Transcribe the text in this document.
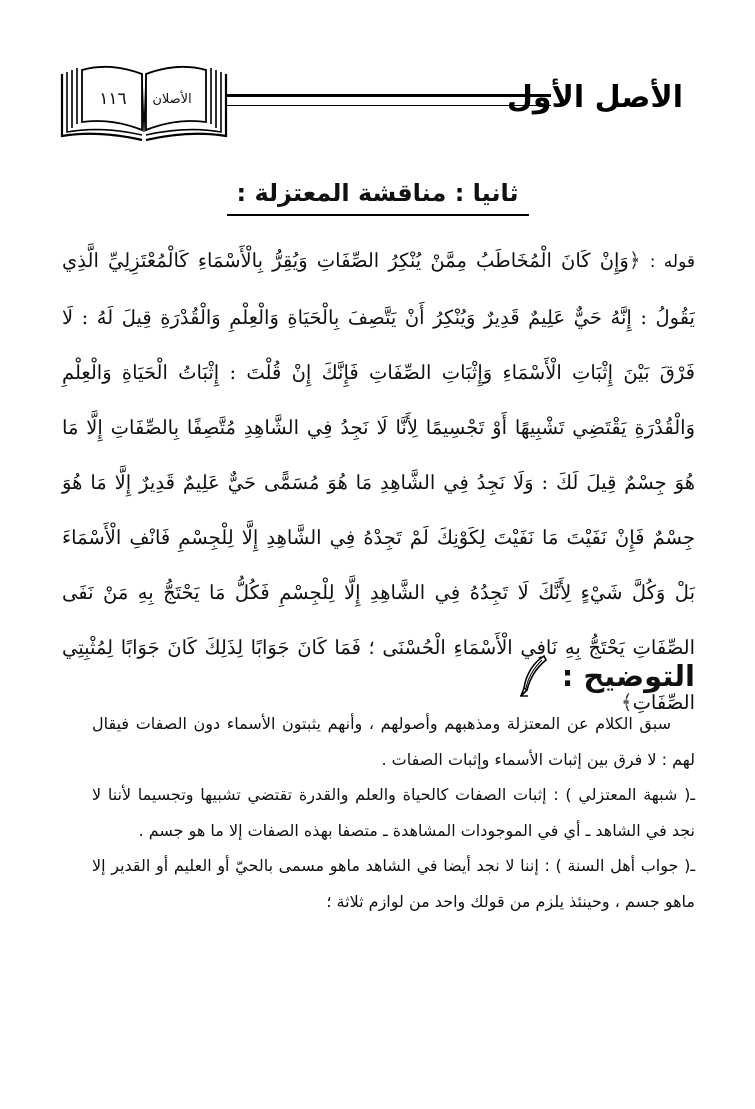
الأصل الأول
١١٦	الأصلان
ثانيا : مناقشة المعتزلة :
قوله : ﴿وَإِنْ كَانَ الْمُخَاطَبُ مِمَّنْ يُنْكِرُ الصِّفَاتِ وَيُقِرُّ بِالْأَسْمَاءِ كَالْمُعْتَزِلِيِّ الَّذِي يَقُولُ : إِنَّهُ حَيٌّ عَلِيمٌ قَدِيرٌ وَيُنْكِرُ أَنْ يَتَّصِفَ بِالْحَيَاةِ وَالْعِلْمِ وَالْقُدْرَةِ قِيلَ لَهُ : لَا فَرْقَ بَيْنَ إِثْبَاتِ الْأَسْمَاءِ وَإِثْبَاتِ الصِّفَاتِ فَإِنَّكَ إِنْ قُلْتَ : إِثْبَاتُ الْحَيَاةِ وَالْعِلْمِ وَالْقُدْرَةِ يَقْتَضِي تَشْبِيهًا أَوْ تَجْسِيمًا لِأَنَّا لَا نَجِدُ فِي الشَّاهِدِ مُتَّصِفًا بِالصِّفَاتِ إِلَّا مَا هُوَ جِسْمٌ قِيلَ لَكَ : وَلَا نَجِدُ فِي الشَّاهِدِ مَا هُوَ مُسَمًّى حَيٌّ عَلِيمٌ قَدِيرٌ إِلَّا مَا هُوَ جِسْمٌ فَإِنْ نَفَيْتَ مَا نَفَيْتَ لِكَوْنِكَ لَمْ تَجِدْهُ فِي الشَّاهِدِ إِلَّا لِلْجِسْمِ فَانْفِ الْأَسْمَاءَ بَلْ وَكُلَّ شَيْءٍ لِأَنَّكَ لَا تَجِدُهُ فِي الشَّاهِدِ إِلَّا لِلْجِسْمِ فَكُلُّ مَا يَحْتَجُّ بِهِ مَنْ نَفَى الصِّفَاتِ يَحْتَجُّ بِهِ نَافِي الْأَسْمَاءِ الْحُسْنَى ؛ فَمَا كَانَ جَوَابًا لِذَلِكَ كَانَ جَوَابًا لِمُثْبِتِي الصِّفَاتِ﴾
التوضيح :

سبق الكلام عن المعتزلة ومذهبهم وأصولهم ، وأنهم يثبتون الأسماء دون الصفات فيقال لهم : لا فرق بين إثبات الأسماء وإثبات الصفات .

ـ( شبهة المعتزلي ) : إثبات الصفات كالحياة والعلم والقدرة تقتضي تشبيها وتجسيما لأننا لا نجد في الشاهد ـ أي في الموجودات المشاهدة ـ متصفا بهذه الصفات إلا ما هو جسم .

ـ( جواب أهل السنة ) : إننا لا نجد أيضا في الشاهد ماهو مسمى بالحيّ أو العليم أو القدير إلا ماهو جسم ، وحينئذ يلزم من قولك واحد من لوازم ثلاثة ؛
